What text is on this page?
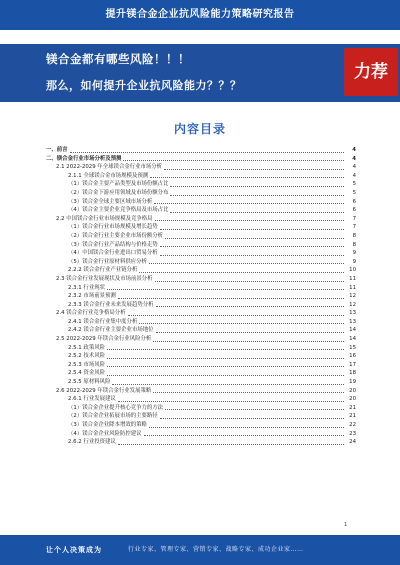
提升镁合金企业抗风险能力策略研究报告
镁合金都有哪些风险！！！
那么，如何提升企业抗风险能力？？？
力荐
内容目录
一、前言	4
二、镁合金行业市场分析及预测	4
2.1 2022-2029 年全球镁合金行业市场分析	4
2.1.1 全球镁合金市场规模及预测	4
（1）镁合金主要产品类型及市场份额占比	5
（2）镁合金下游应用领域及市场份额分布	5
（3）镁合金全球主要区域市场分析	6
（4）镁合金主要企业竞争格局及市场占比	6
2.2 中国镁合金行业市场规模及竞争格局	7
（1）镁合金行业市场规模及增长趋势	7
（2）镁合金行业主要企业市场份额分析	8
（3）镁合金行业产品结构与价格走势	8
（4）中国镁合金行业进出口贸易分析	9
（5）镁合金行业原材料供应分析	9
2.2.2 镁合金行业产业链分析	10
2.3 镁合金行业发展现状及市场前景分析	11
2.3.1 行业现状	11
2.3.2 市场前景预测	12
2.3.3 镁合金行业未来发展趋势分析	12
2.4 镁合金行业竞争格局分析	13
2.4.1 镁合金行业集中度分析	13
2.4.2 镁合金行业主要企业市场地位	14
2.5 2022-2029 年镁合金行业风险分析	14
2.5.1 政策风险	15
2.5.2 技术风险	16
2.5.3 市场风险	17
2.5.4 资金风险	18
2.5.5 原材料风险	19
2.6 2022-2029 年镁合金行业发展策略	20
2.6.1 行业发展建议	20
（1）镁合金企业提升核心竞争力的方法	21
（2）镁合金企业拓展市场的主要路径	21
（3）镁合金企业降本增效的策略	22
（4）镁合金企业风险防控建议	23
2.6.2 行业投资建议	24
让个人决策成为	行业专家、管理专家、营销专家、战略专家、成功企业家……
1
